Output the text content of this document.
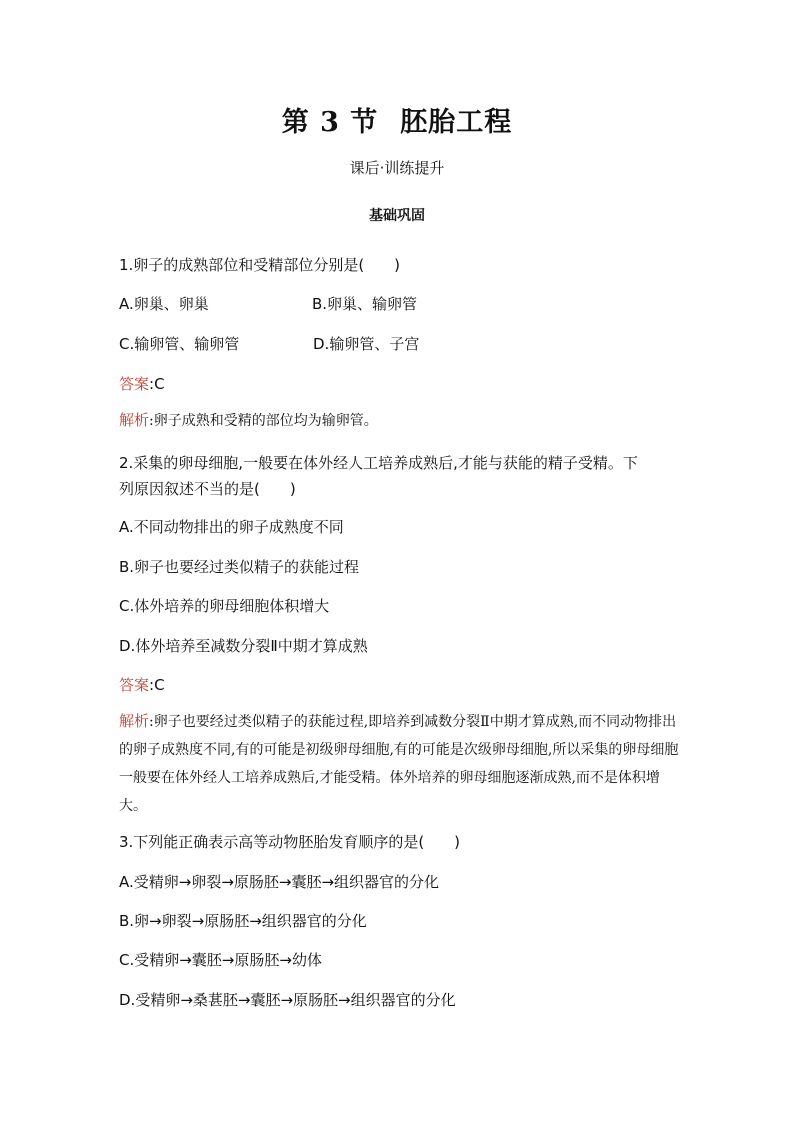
第 3 节 胚胎工程
课后·训练提升
基础巩固
1.卵子的成熟部位和受精部位分别是(　　)
A.卵巢、卵巢	B.卵巢、输卵管
C.输卵管、输卵管	D.输卵管、子宫
答案:C
解析:卵子成熟和受精的部位均为输卵管。
2.采集的卵母细胞,一般要在体外经人工培养成熟后,才能与获能的精子受精。下
列原因叙述不当的是(　　)
A.不同动物排出的卵子成熟度不同
B.卵子也要经过类似精子的获能过程
C.体外培养的卵母细胞体积增大
D.体外培养至减数分裂Ⅱ中期才算成熟
答案:C
解析:卵子也要经过类似精子的获能过程,即培养到减数分裂Ⅱ中期才算成熟,而不同动物排出的卵子成熟度不同,有的可能是初级卵母细胞,有的可能是次级卵母细胞,所以采集的卵母细胞一般要在体外经人工培养成熟后,才能受精。体外培养的卵母细胞逐渐成熟,而不是体积增大。
3.下列能正确表示高等动物胚胎发育顺序的是(　　)
A.受精卵→卵裂→原肠胚→囊胚→组织器官的分化
B.卵→卵裂→原肠胚→组织器官的分化
C.受精卵→囊胚→原肠胚→幼体
D.受精卵→桑葚胚→囊胚→原肠胚→组织器官的分化
